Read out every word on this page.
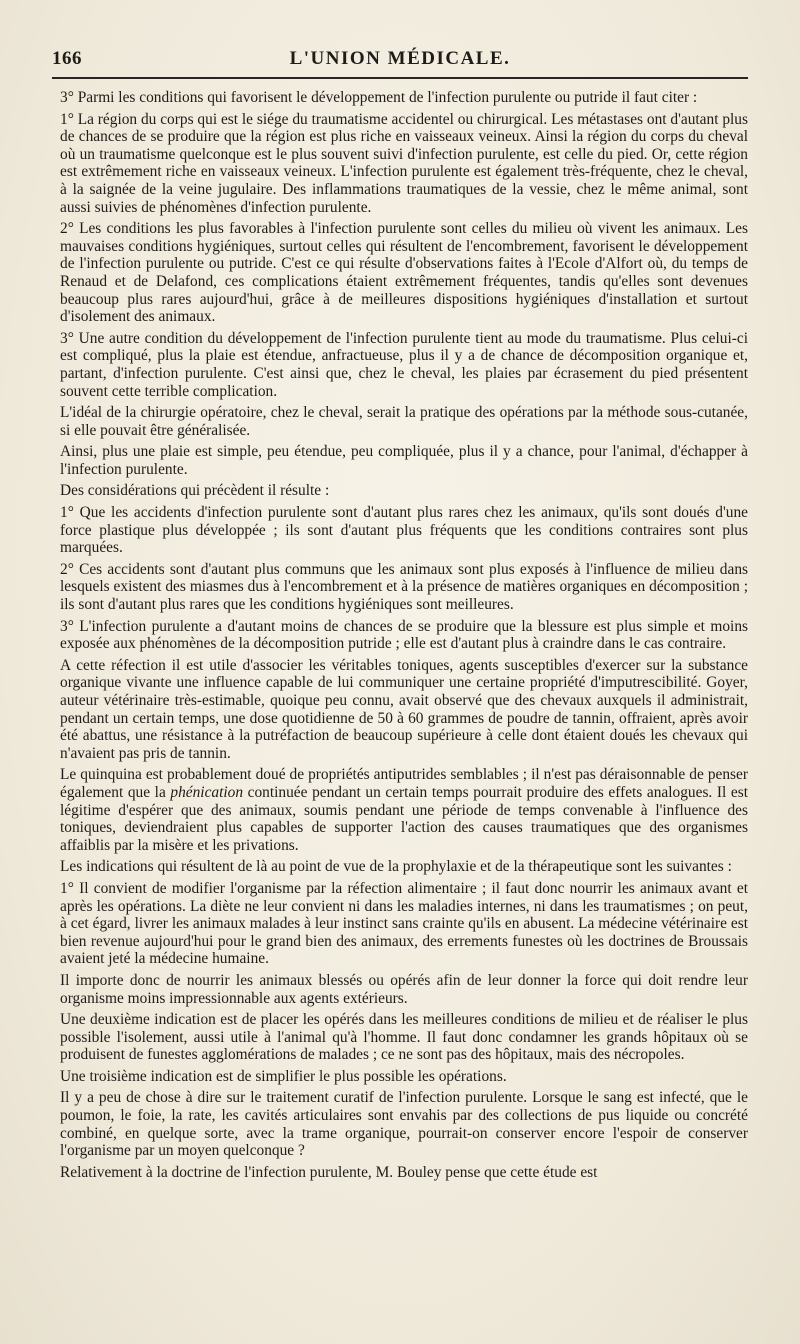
166	L'UNION MÉDICALE.

3° Parmi les conditions qui favorisent le développement de l'infection purulente ou putride il faut citer :

1° La région du corps qui est le siége du traumatisme accidentel ou chirurgical. Les métastases ont d'autant plus de chances de se produire que la région est plus riche en vaisseaux veineux. Ainsi la région du corps du cheval où un traumatisme quelconque est le plus souvent suivi d'infection purulente, est celle du pied. Or, cette région est extrêmement riche en vaisseaux veineux. L'infection purulente est également très-fréquente, chez le cheval, à la saignée de la veine jugulaire. Des inflammations traumatiques de la vessie, chez le même animal, sont aussi suivies de phénomènes d'infection purulente.

2° Les conditions les plus favorables à l'infection purulente sont celles du milieu où vivent les animaux. Les mauvaises conditions hygiéniques, surtout celles qui résultent de l'encombrement, favorisent le développement de l'infection purulente ou putride. C'est ce qui résulte d'observations faites à l'Ecole d'Alfort où, du temps de Renaud et de Delafond, ces complications étaient extrêmement fréquentes, tandis qu'elles sont devenues beaucoup plus rares aujourd'hui, grâce à de meilleures dispositions hygiéniques d'installation et surtout d'isolement des animaux.

3° Une autre condition du développement de l'infection purulente tient au mode du traumatisme. Plus celui-ci est compliqué, plus la plaie est étendue, anfractueuse, plus il y a de chance de décomposition organique et, partant, d'infection purulente. C'est ainsi que, chez le cheval, les plaies par écrasement du pied présentent souvent cette terrible complication.

L'idéal de la chirurgie opératoire, chez le cheval, serait la pratique des opérations par la méthode sous-cutanée, si elle pouvait être généralisée.

Ainsi, plus une plaie est simple, peu étendue, peu compliquée, plus il y a chance, pour l'animal, d'échapper à l'infection purulente.

Des considérations qui précèdent il résulte :

1° Que les accidents d'infection purulente sont d'autant plus rares chez les animaux, qu'ils sont doués d'une force plastique plus développée ; ils sont d'autant plus fréquents que les conditions contraires sont plus marquées.

2° Ces accidents sont d'autant plus communs que les animaux sont plus exposés à l'influence de milieu dans lesquels existent des miasmes dus à l'encombrement et à la présence de matières organiques en décomposition ; ils sont d'autant plus rares que les conditions hygiéniques sont meilleures.

3° L'infection purulente a d'autant moins de chances de se produire que la blessure est plus simple et moins exposée aux phénomènes de la décomposition putride ; elle est d'autant plus à craindre dans le cas contraire.

A cette réfection il est utile d'associer les véritables toniques, agents susceptibles d'exercer sur la substance organique vivante une influence capable de lui communiquer une certaine propriété d'imputrescibilité. Goyer, auteur vétérinaire très-estimable, quoique peu connu, avait observé que des chevaux auxquels il administrait, pendant un certain temps, une dose quotidienne de 50 à 60 grammes de poudre de tannin, offraient, après avoir été abattus, une résistance à la putréfaction de beaucoup supérieure à celle dont étaient doués les chevaux qui n'avaient pas pris de tannin.

Le quinquina est probablement doué de propriétés antiputrides semblables ; il n'est pas déraisonnable de penser également que la phénication continuée pendant un certain temps pourrait produire des effets analogues. Il est légitime d'espérer que des animaux, soumis pendant une période de temps convenable à l'influence des toniques, deviendraient plus capables de supporter l'action des causes traumatiques que des organismes affaiblis par la misère et les privations.

Les indications qui résultent de là au point de vue de la prophylaxie et de la thérapeutique sont les suivantes :

1° Il convient de modifier l'organisme par la réfection alimentaire ; il faut donc nourrir les animaux avant et après les opérations. La diète ne leur convient ni dans les maladies internes, ni dans les traumatismes ; on peut, à cet égard, livrer les animaux malades à leur instinct sans crainte qu'ils en abusent. La médecine vétérinaire est bien revenue aujourd'hui pour le grand bien des animaux, des errements funestes où les doctrines de Broussais avaient jeté la médecine humaine.

Il importe donc de nourrir les animaux blessés ou opérés afin de leur donner la force qui doit rendre leur organisme moins impressionnable aux agents extérieurs.

Une deuxième indication est de placer les opérés dans les meilleures conditions de milieu et de réaliser le plus possible l'isolement, aussi utile à l'animal qu'à l'homme. Il faut donc condamner les grands hôpitaux où se produisent de funestes agglomérations de malades ; ce ne sont pas des hôpitaux, mais des nécropoles.

Une troisième indication est de simplifier le plus possible les opérations.

Il y a peu de chose à dire sur le traitement curatif de l'infection purulente. Lorsque le sang est infecté, que le poumon, le foie, la rate, les cavités articulaires sont envahis par des collections de pus liquide ou concrété combiné, en quelque sorte, avec la trame organique, pourrait-on conserver encore l'espoir de conserver l'organisme par un moyen quelconque ?

Relativement à la doctrine de l'infection purulente, M. Bouley pense que cette étude est
